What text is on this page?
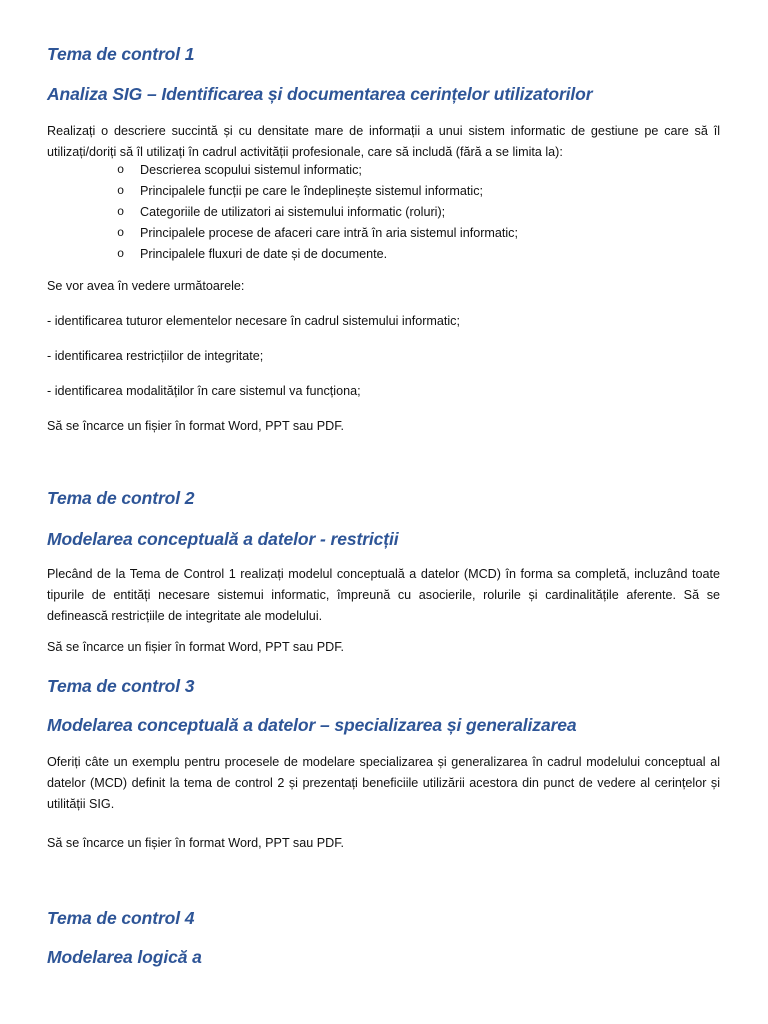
Tema de control 1
Analiza SIG – Identificarea și documentarea cerințelor utilizatorilor

Realizați o descriere succintă și cu densitate mare de informații a unui sistem informatic de gestiune pe care să îl utilizați/doriți să îl utilizați în cadrul activității profesionale, care să includă (fără a se limita la):

o Descrierea scopului sistemul informatic;
o Principalele funcții pe care le îndeplinește sistemul informatic;
o Categoriile de utilizatori ai sistemului informatic (roluri);
o Principalele procese de afaceri care intră în aria sistemul informatic;
o Principalele fluxuri de date și de documente.

Se vor avea în vedere următoarele:

- identificarea tuturor elementelor necesare în cadrul sistemului informatic;

- identificarea restricțiilor de integritate;

- identificarea modalităților în care sistemul va funcționa;

Să se încarce un fișier în format Word, PPT sau PDF.

Tema de control 2
Modelarea conceptuală a datelor - restricții

Plecând de la Tema de Control 1 realizați modelul conceptuală a datelor (MCD) în forma sa completă, incluzând toate tipurile de entități necesare sistemui informatic, împreună cu asocierile, rolurile și cardinalitățile aferente. Să se definească restricțiile de integritate ale modelului.

Să se încarce un fișier în format Word, PPT sau PDF.

Tema de control 3
Modelarea conceptuală a datelor – specializarea și generalizarea

Oferiți câte un exemplu pentru procesele de modelare specializarea și generalizarea în cadrul modelului conceptual al datelor (MCD) definit la tema de control 2 și prezentați beneficiile utilizării acestora din punct de vedere al cerințelor și utilității SIG.

Să se încarce un fișier în format Word, PPT sau PDF.

Tema de control 4
Modelarea logică a
